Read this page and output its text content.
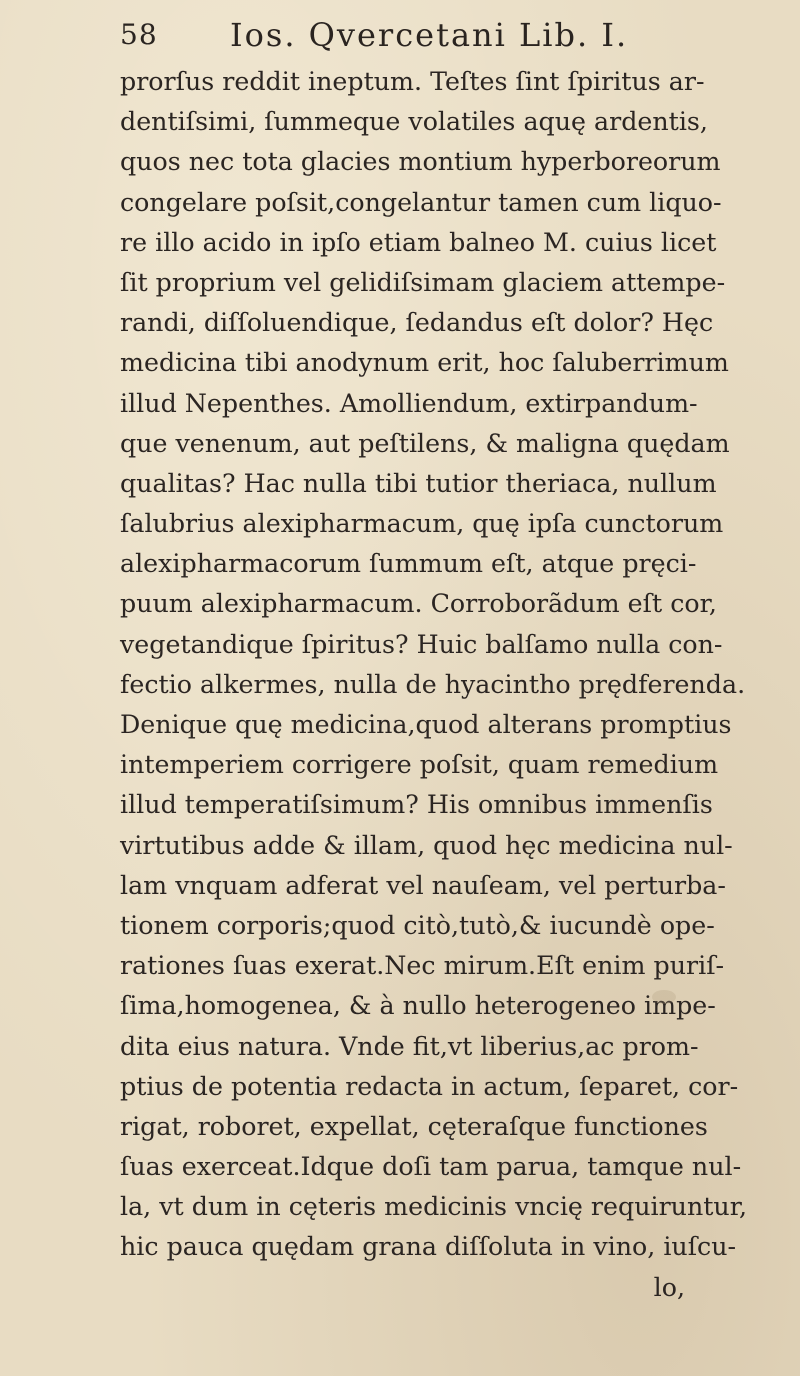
58 Ios. Qvercetani Lib. I.
prorſus reddit ineptum. Teſtes ſint ſpiritus ar-
dentiſsimi, ſummeque volatiles aquę ardentis,
quos nec tota glacies montium hyperboreorum
congelare poſsit,congelantur tamen cum liquo-
re illo acido in ipſo etiam balneo M. cuius licet
ſit proprium vel gelidiſsimam glaciem attempe-
randi, diſſoluendique, ſedandus eſt dolor? Hęc
medicina tibi anodynum erit, hoc ſaluberrimum
illud Nepenthes. Amolliendum, extirpandum-
que venenum, aut peſtilens, & maligna quędam
qualitas? Hac nulla tibi tutior theriaca, nullum
ſalubrius alexipharmacum, quę ipſa cunctorum
alexipharmacorum ſummum eſt, atque pręci-
puum alexipharmacum. Corroborãdum eſt cor,
vegetandique ſpiritus? Huic balſamo nulla con-
fectio alkermes, nulla de hyacintho prędferenda.
Denique quę medicina,quod alterans promptius
intemperiem corrigere poſsit, quam remedium
illud temperatiſsimum? His omnibus immenſis
virtutibus adde & illam, quod hęc medicina nul-
lam vnquam adferat vel nauſeam, vel perturba-
tionem corporis;quod citò,tutò,& iucundè ope-
rationes ſuas exerat.Nec mirum.Eſt enim puriſ-
ſima,homogenea, & à nullo heterogeneo impe-
dita eius natura. Vnde fit,vt liberius,ac prom-
ptius de potentia redacta in actum, ſeparet, cor-
rigat, roboret, expellat, cęteraſque functiones
ſuas exerceat.Idque doſi tam parua, tamque nul-
la, vt dum in cęteris medicinis vncię requiruntur,
hic pauca quędam grana diſſoluta in vino, iuſcu-
lo,
